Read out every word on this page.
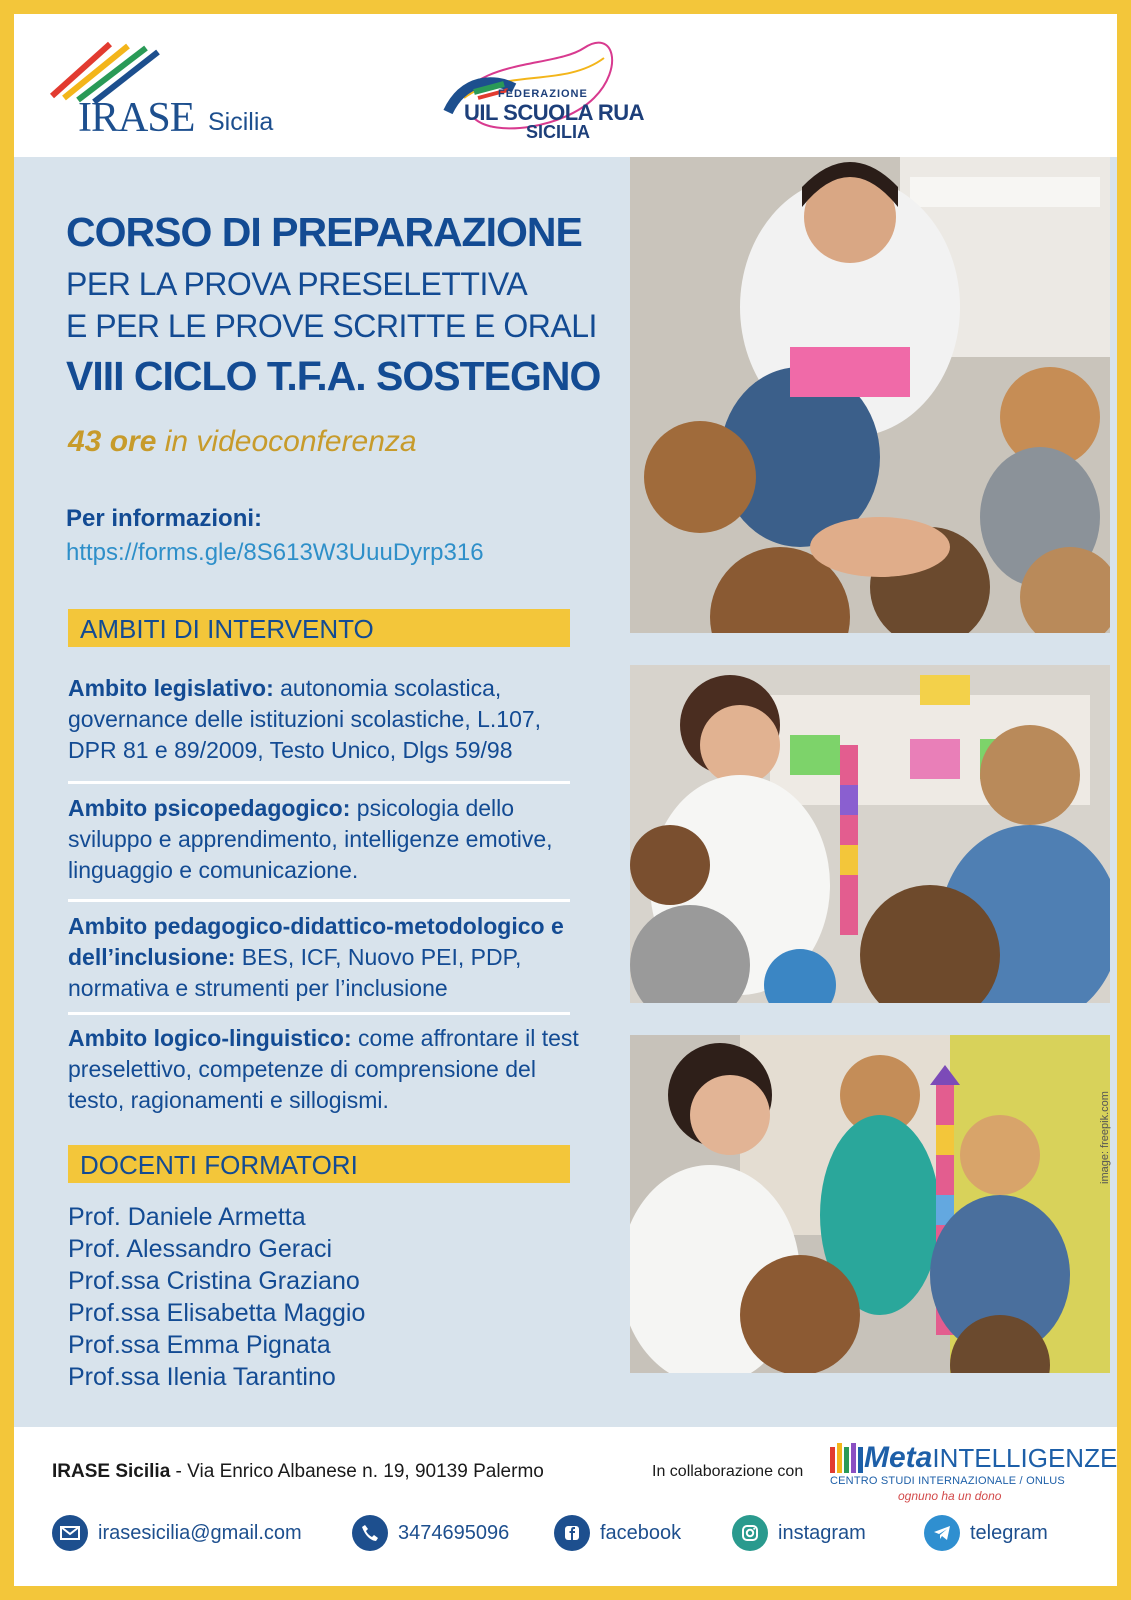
IRASE Sicilia
FEDERAZIONE
UIL SCUOLA RUA
SICILIA
CORSO DI PREPARAZIONE
PER LA PROVA PRESELETTIVA
E PER LE PROVE SCRITTE E ORALI
VIII CICLO T.F.A. SOSTEGNO
43 ore in videoconferenza
Per informazioni:
https://forms.gle/8S613W3UuuDyrp316
AMBITI DI INTERVENTO
Ambito legislativo: autonomia scolastica, governance delle istituzioni scolastiche, L.107, DPR 81 e 89/2009, Testo Unico, Dlgs 59/98
Ambito psicopedagogico: psicologia dello sviluppo e apprendimento, intelligenze emotive, linguaggio e comunicazione.
Ambito pedagogico-didattico-metodologico e dell’inclusione: BES, ICF, Nuovo PEI, PDP, normativa e strumenti per l’inclusione
Ambito logico-linguistico: come affrontare il test preselettivo, competenze di comprensione del testo, ragionamenti e sillogismi.
DOCENTI FORMATORI
Prof. Daniele Armetta
Prof. Alessandro Geraci
Prof.ssa Cristina Graziano
Prof.ssa Elisabetta Maggio
Prof.ssa Emma Pignata
Prof.ssa Ilenia Tarantino
image: freepik.com
IRASE Sicilia - Via Enrico Albanese n. 19, 90139 Palermo	In collaborazione con MetaINTELLIGENZE
CENTRO STUDI INTERNAZIONALE / ONLUS
ognuno ha un dono
irasesicilia@gmail.com	3474695096	facebook	instagram	telegram
